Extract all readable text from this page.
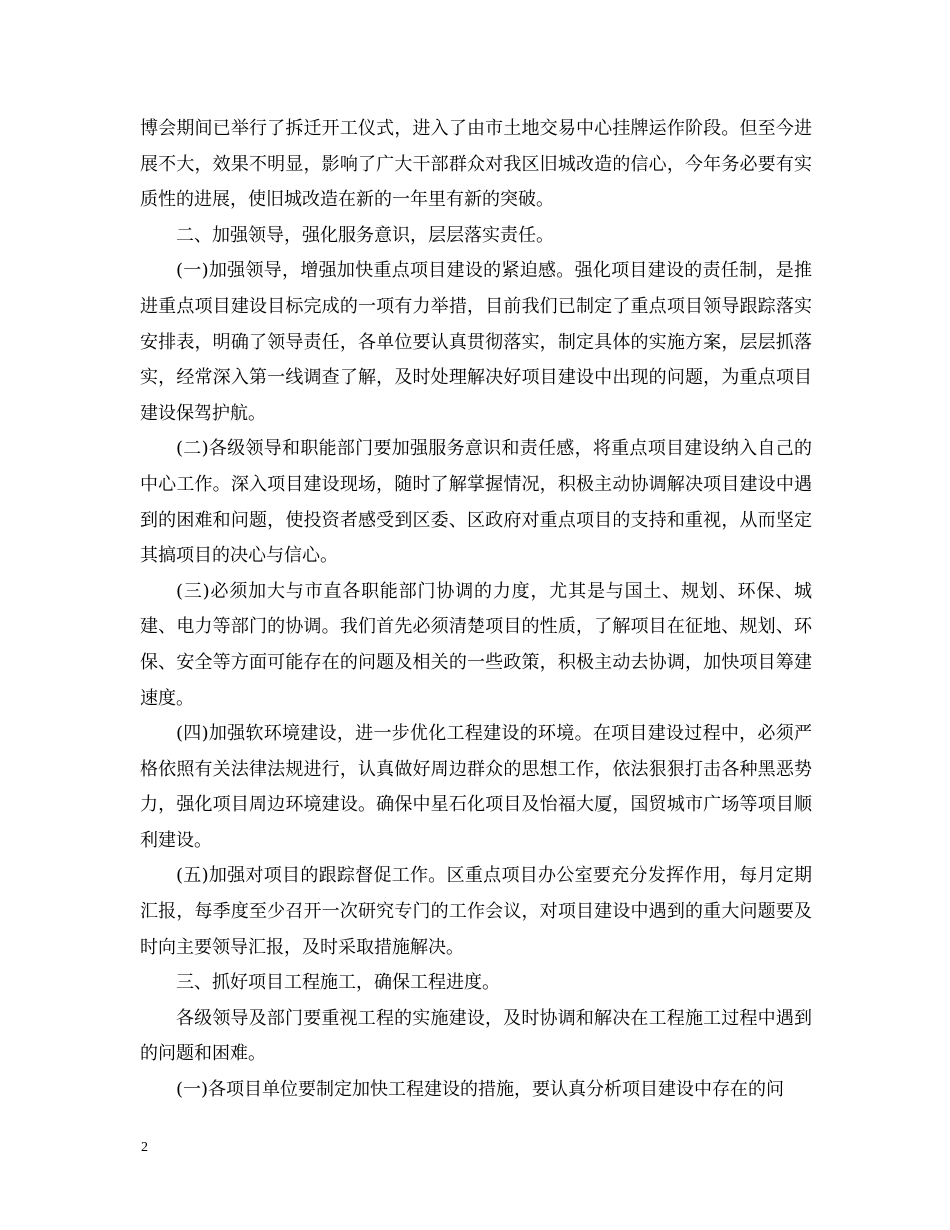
博会期间已举行了拆迁开工仪式，进入了由市土地交易中心挂牌运作阶段。但至今进展不大，效果不明显，影响了广大干部群众对我区旧城改造的信心，今年务必要有实质性的进展，使旧城改造在新的一年里有新的突破。

二、加强领导，强化服务意识，层层落实责任。

(一)加强领导，增强加快重点项目建设的紧迫感。强化项目建设的责任制，是推进重点项目建设目标完成的一项有力举措，目前我们已制定了重点项目领导跟踪落实安排表，明确了领导责任，各单位要认真贯彻落实，制定具体的实施方案，层层抓落实，经常深入第一线调查了解，及时处理解决好项目建设中出现的问题，为重点项目建设保驾护航。

(二)各级领导和职能部门要加强服务意识和责任感，将重点项目建设纳入自己的中心工作。深入项目建设现场，随时了解掌握情况，积极主动协调解决项目建设中遇到的困难和问题，使投资者感受到区委、区政府对重点项目的支持和重视，从而坚定其搞项目的决心与信心。

(三)必须加大与市直各职能部门协调的力度，尤其是与国土、规划、环保、城建、电力等部门的协调。我们首先必须清楚项目的性质，了解项目在征地、规划、环保、安全等方面可能存在的问题及相关的一些政策，积极主动去协调，加快项目筹建速度。

(四)加强软环境建设，进一步优化工程建设的环境。在项目建设过程中，必须严格依照有关法律法规进行，认真做好周边群众的思想工作，依法狠狠打击各种黑恶势力，强化项目周边环境建设。确保中星石化项目及怡福大厦，国贸城市广场等项目顺利建设。

(五)加强对项目的跟踪督促工作。区重点项目办公室要充分发挥作用，每月定期汇报，每季度至少召开一次研究专门的工作会议，对项目建设中遇到的重大问题要及时向主要领导汇报，及时采取措施解决。

三、抓好项目工程施工，确保工程进度。

各级领导及部门要重视工程的实施建设，及时协调和解决在工程施工过程中遇到的问题和困难。

(一)各项目单位要制定加快工程建设的措施，要认真分析项目建设中存在的问

2
